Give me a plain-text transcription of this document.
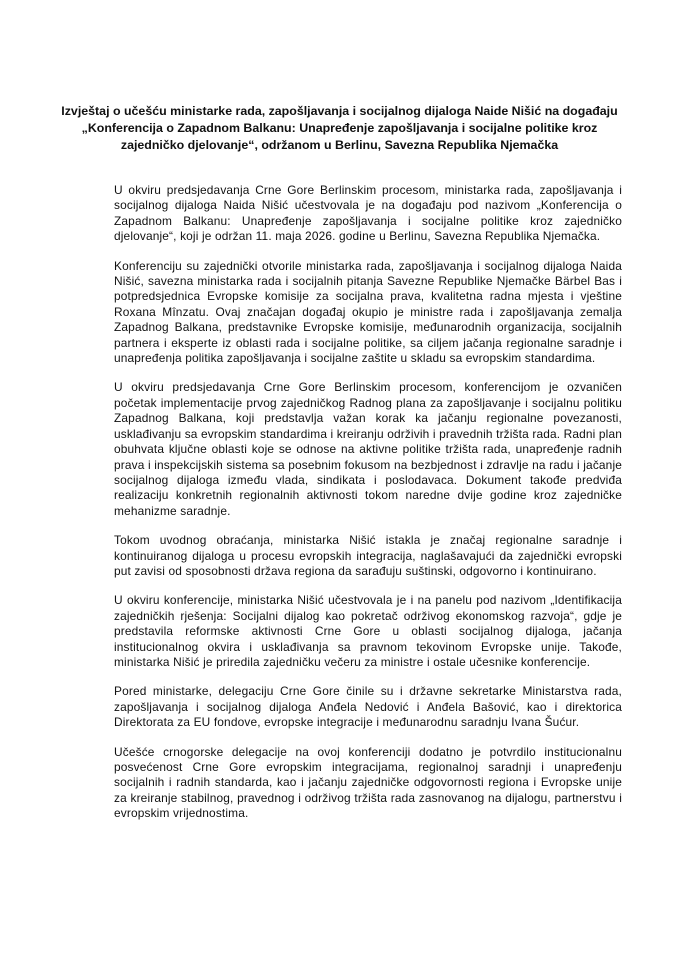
Izvještaj o učešću ministarke rada, zapošljavanja i socijalnog dijaloga Naide Nišić na događaju „Konferencija o Zapadnom Balkanu: Unapređenje zapošljavanja i socijalne politike kroz zajedničko djelovanje“, održanom u Berlinu, Savezna Republika Njemačka

U okviru predsjedavanja Crne Gore Berlinskim procesom, ministarka rada, zapošljavanja i socijalnog dijaloga Naida Nišić učestvovala je na događaju pod nazivom „Konferencija o Zapadnom Balkanu: Unapređenje zapošljavanja i socijalne politike kroz zajedničko djelovanje“, koji je održan 11. maja 2026. godine u Berlinu, Savezna Republika Njemačka.

Konferenciju su zajednički otvorile ministarka rada, zapošljavanja i socijalnog dijaloga Naida Nišić, savezna ministarka rada i socijalnih pitanja Savezne Republike Njemačke Bärbel Bas i potpredsjednica Evropske komisije za socijalna prava, kvalitetna radna mjesta i vještine Roxana Mînzatu. Ovaj značajan događaj okupio je ministre rada i zapošljavanja zemalja Zapadnog Balkana, predstavnike Evropske komisije, međunarodnih organizacija, socijalnih partnera i eksperte iz oblasti rada i socijalne politike, sa ciljem jačanja regionalne saradnje i unapređenja politika zapošljavanja i socijalne zaštite u skladu sa evropskim standardima.

U okviru predsjedavanja Crne Gore Berlinskim procesom, konferencijom je ozvaničen početak implementacije prvog zajedničkog Radnog plana za zapošljavanje i socijalnu politiku Zapadnog Balkana, koji predstavlja važan korak ka jačanju regionalne povezanosti, usklađivanju sa evropskim standardima i kreiranju održivih i pravednih tržišta rada. Radni plan obuhvata ključne oblasti koje se odnose na aktivne politike tržišta rada, unapređenje radnih prava i inspekcijskih sistema sa posebnim fokusom na bezbjednost i zdravlje na radu i jačanje socijalnog dijaloga između vlada, sindikata i poslodavaca. Dokument takođe predviđa realizaciju konkretnih regionalnih aktivnosti tokom naredne dvije godine kroz zajedničke mehanizme saradnje.

Tokom uvodnog obraćanja, ministarka Nišić istakla je značaj regionalne saradnje i kontinuiranog dijaloga u procesu evropskih integracija, naglašavajući da zajednički evropski put zavisi od sposobnosti država regiona da sarađuju suštinski, odgovorno i kontinuirano.

U okviru konferencije, ministarka Nišić učestvovala je i na panelu pod nazivom „Identifikacija zajedničkih rješenja: Socijalni dijalog kao pokretač održivog ekonomskog razvoja“, gdje je predstavila reformske aktivnosti Crne Gore u oblasti socijalnog dijaloga, jačanja institucionalnog okvira i usklađivanja sa pravnom tekovinom Evropske unije. Takođe, ministarka Nišić je priredila zajedničku večeru za ministre i ostale učesnike konferencije.

Pored ministarke, delegaciju Crne Gore činile su i državne sekretarke Ministarstva rada, zapošljavanja i socijalnog dijaloga Anđela Nedović i Anđela Bašović, kao i direktorica Direktorata za EU fondove, evropske integracije i međunarodnu saradnju Ivana Šućur.

Učešće crnogorske delegacije na ovoj konferenciji dodatno je potvrdilo institucionalnu posvećenost Crne Gore evropskim integracijama, regionalnoj saradnji i unapređenju socijalnih i radnih standarda, kao i jačanju zajedničke odgovornosti regiona i Evropske unije za kreiranje stabilnog, pravednog i održivog tržišta rada zasnovanog na dijalogu, partnerstvu i evropskim vrijednostima.
